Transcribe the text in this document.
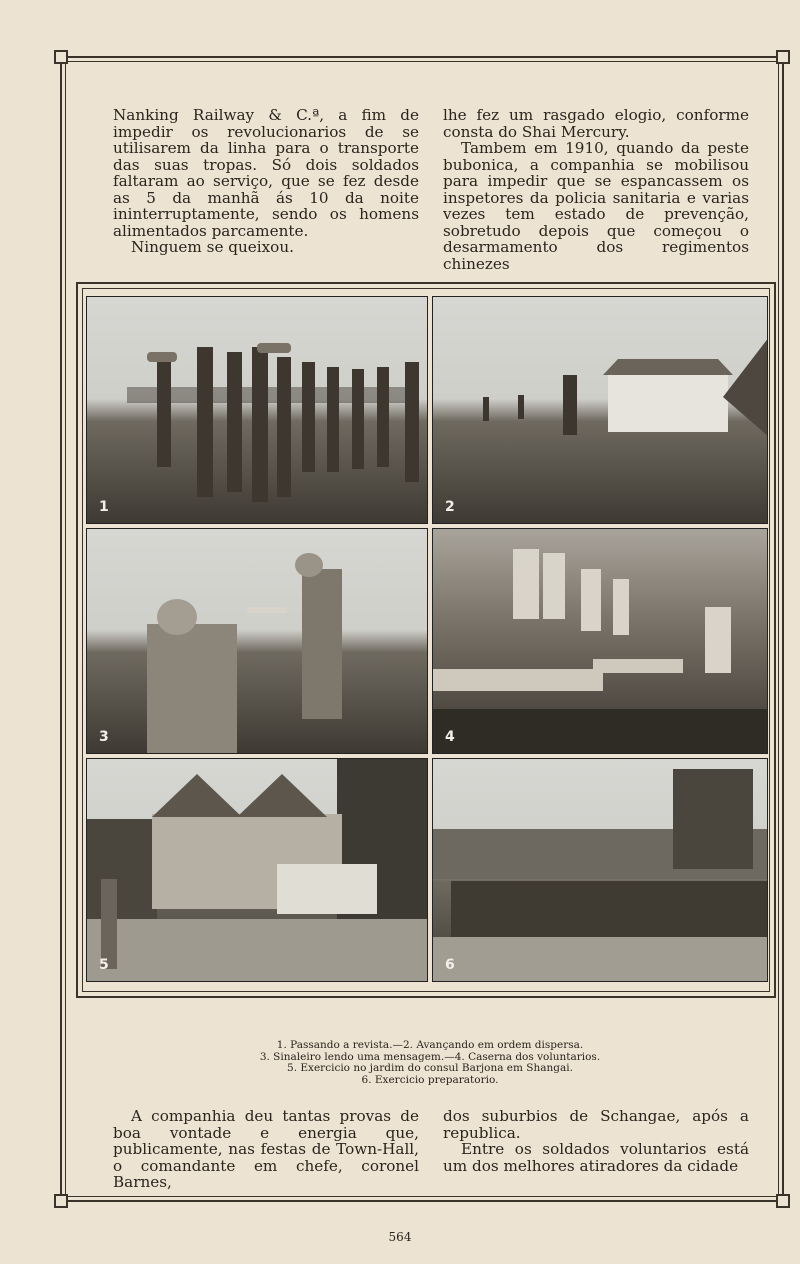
Nanking Railway & C.ª, a fim de impedir os revolucionarios de se utilisarem da linha para o transporte das suas tropas. Só dois soldados faltaram ao serviço, que se fez desde as 5 da manhã ás 10 da noite ininterruptamente, sendo os homens alimentados parcamente.

Ninguem se queixou.

lhe fez um rasgado elogio, conforme consta do Shai Mercury.

Tambem em 1910, quando da peste bubonica, a companhia se mobilisou para impedir que se espancassem os inspetores da policia sanitaria e varias vezes tem estado de prevenção, sobretudo depois que começou o desarmamento dos regimentos chinezes

1	2
3	4
5	6
1. Passando a revista.—2. Avançando em ordem dispersa.
3. Sinaleiro lendo uma mensagem.—4. Caserna dos voluntarios.
5. Exercicio no jardim do consul Barjona em Shangai.
6. Exercicio preparatorio.

A companhia deu tantas provas de boa vontade e energia que, publicamente, nas festas de Town-Hall, o comandante em chefe, coronel Barnes,

dos suburbios de Schangae, após a republica.

Entre os soldados voluntarios está um dos melhores atiradores da cidade

564
